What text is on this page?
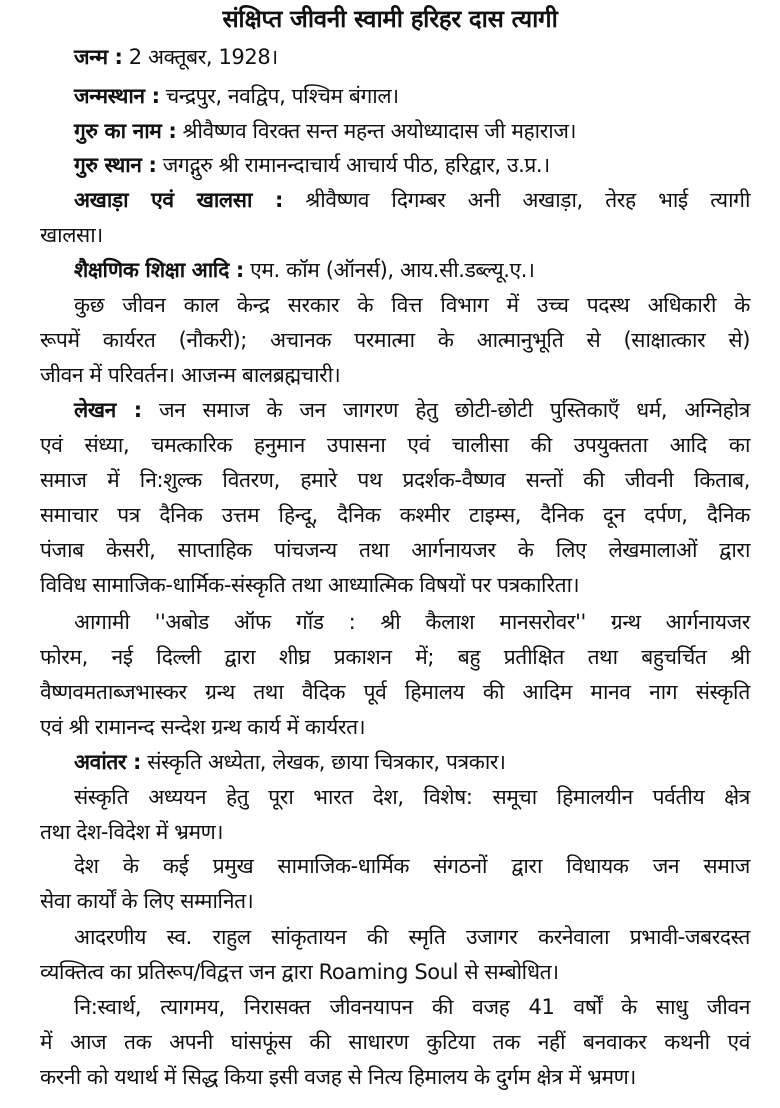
संक्षिप्त जीवनी स्वामी हरिहर दास त्यागी
जन्म : 2 अक्तूबर, 1928।
जन्मस्थान : चन्द्रपुर, नवद्विप, पश्चिम बंगाल।
गुरु का नाम : श्रीवैष्णव विरक्त सन्त महन्त अयोध्यादास जी महाराज।
गुरु स्थान : जगद्गुरु श्री रामानन्दाचार्य आचार्य पीठ, हरिद्वार, उ.प्र.।
अखाड़ा एवं खालसा : श्रीवैष्णव दिगम्बर अनी अखाड़ा, तेरह भाई त्यागी
खालसा।
शैक्षणिक शिक्षा आदि : एम. कॉम (ऑनर्स), आय.सी.डब्ल्यू.ए.।
कुछ जीवन काल केन्द्र सरकार के वित्त विभाग में उच्च पदस्थ अधिकारी के
रूपमें कार्यरत (नौकरी); अचानक परमात्मा के आत्मानुभूति से (साक्षात्कार से)
जीवन में परिवर्तन। आजन्म बालब्रह्मचारी।
लेखन : जन समाज के जन जागरण हेतु छोटी-छोटी पुस्तिकाएँ धर्म, अग्निहोत्र
एवं संध्या, चमत्कारिक हनुमान उपासना एवं चालीसा की उपयुक्तता आदि का
समाज में नि:शुल्क वितरण, हमारे पथ प्रदर्शक-वैष्णव सन्तों की जीवनी किताब,
समाचार पत्र दैनिक उत्तम हिन्दू, दैनिक कश्मीर टाइम्स, दैनिक दून दर्पण, दैनिक
पंजाब केसरी, साप्ताहिक पांचजन्य तथा आर्गनायजर के लिए लेखमालाओं द्वारा
विविध सामाजिक-धार्मिक-संस्कृति तथा आध्यात्मिक विषयों पर पत्रकारिता।
आगामी ''अबोड ऑफ गॉड : श्री कैलाश मानसरोवर'' ग्रन्थ आर्गनायजर
फोरम, नई दिल्ली द्वारा शीघ्र प्रकाशन में; बहु प्रतीक्षित तथा बहुचर्चित श्री
वैष्णवमताब्जभास्कर ग्रन्थ तथा वैदिक पूर्व हिमालय की आदिम मानव नाग संस्कृति
एवं श्री रामानन्द सन्देश ग्रन्थ कार्य में कार्यरत।
अवांतर : संस्कृति अध्येता, लेखक, छाया चित्रकार, पत्रकार।
संस्कृति अध्ययन हेतु पूरा भारत देश, विशेष: समूचा हिमालयीन पर्वतीय क्षेत्र
तथा देश-विदेश में भ्रमण।
देश के कई प्रमुख सामाजिक-धार्मिक संगठनों द्वारा विधायक जन समाज
सेवा कार्यों के लिए सम्मानित।
आदरणीय स्व. राहुल सांकृतायन की स्मृति उजागर करनेवाला प्रभावी-जबरदस्त
व्यक्तित्व का प्रतिरूप/विद्वत्त जन द्वारा Roaming Soul से सम्बोधित।
नि:स्वार्थ, त्यागमय, निरासक्त जीवनयापन की वजह 41 वर्षों के साधु जीवन
में आज तक अपनी घांसफूंस की साधारण कुटिया तक नहीं बनवाकर कथनी एवं
करनी को यथार्थ में सिद्ध किया इसी वजह से नित्य हिमालय के दुर्गम क्षेत्र में भ्रमण।
